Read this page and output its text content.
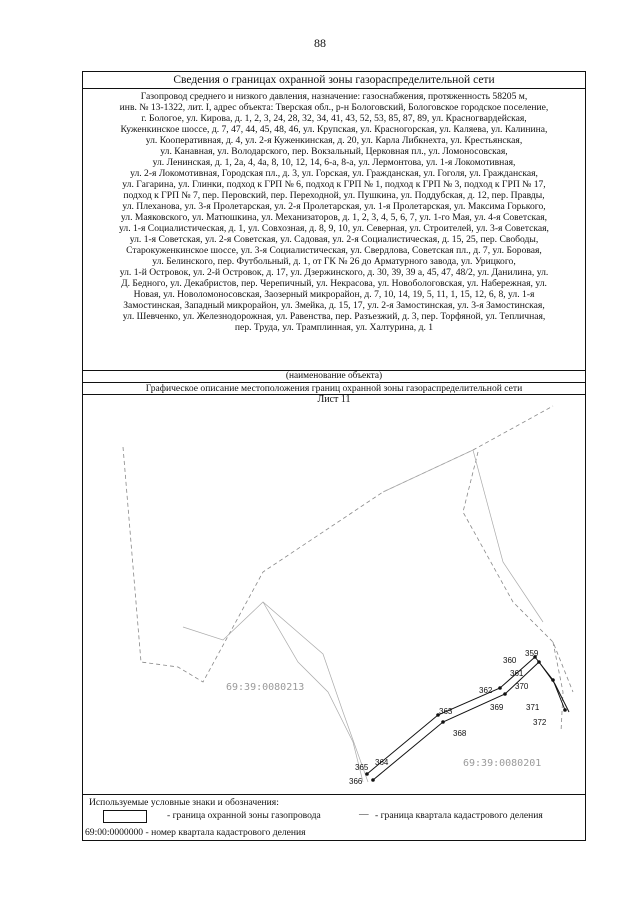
88
Сведения о границах охранной зоны газораспределительной сети

Газопровод среднего и низкого давления, назначение: газоснабжения, протяженность 58205 м,

инв. № 13-1322, лит. I, адрес объекта: Тверская обл., р-н Бологовский, Бологовское городское поселение,

г. Бологое, ул. Кирова, д. 1, 2, 3, 24, 28, 32, 34, 41, 43, 52, 53, 85, 87, 89, ул. Красногвардейская,

Куженкинское шоссе, д. 7, 47, 44, 45, 48, 46, ул. Крупская, ул. Красногорская, ул. Каляева, ул. Калинина,

ул. Кооперативная, д. 4, ул. 2-я Куженкинская, д. 20, ул. Карла Либкнехта, ул. Крестьянская,

ул. Канавная, ул. Володарского, пер. Вокзальный, Церковная пл., ул. Ломоносовская,

ул. Ленинская, д. 1, 2а, 4, 4а, 8, 10, 12, 14, 6-а, 8-а, ул. Лермонтова, ул. 1-я Локомотивная,

ул. 2-я Локомотивная, Городская пл., д. 3, ул. Горская, ул. Гражданская, ул. Гоголя, ул. Гражданская,

ул. Гагарина, ул. Глинки, подход к ГРП № 6, подход к ГРП № 1, подход к ГРП № 3, подход к ГРП № 17,

подход к ГРП № 7, пер. Перовский, пер. Переходной, ул. Пушкина, ул. Поддубская, д. 12, пер. Правды,

ул. Плеханова, ул. 3-я Пролетарская, ул. 2-я Пролетарская, ул. 1-я Пролетарская, ул. Максима Горького,

ул. Маяковского, ул. Матюшкина, ул. Механизаторов, д. 1, 2, 3, 4, 5, 6, 7, ул. 1-го Мая, ул. 4-я Советская,

ул. 1-я Социалистическая, д. 1, ул. Совхозная, д. 8, 9, 10, ул. Северная, ул. Строителей, ул. 3-я Советская,

ул. 1-я Советская, ул. 2-я Советская, ул. Садовая, ул. 2-я Социалистическая, д. 15, 25, пер. Свободы,

Старокуженкинское шоссе, ул. 3-я Социалистическая, ул. Свердлова, Советская пл., д. 7, ул. Боровая,

ул. Белинского, пер. Футбольный, д. 1, от ГК № 26 до Арматурного завода, ул. Урицкого,

ул. 1-й Островок, ул. 2-й Островок, д. 17, ул. Дзержинского, д. 30, 39, 39 а, 45, 47, 48/2, ул. Данилина, ул.

Д. Бедного, ул. Декабристов, пер. Черепичный, ул. Некрасова, ул. Новобологовская, ул. Набережная, ул.

Новая, ул. Новоломоносовская, Заозерный микрорайон, д. 7, 10, 14, 19, 5, 11, 1, 15, 12, 6, 8, ул. 1-я

Замостинская, Западный микрорайон, ул. Змейка, д. 15, 17, ул. 2-я Замостинская, ул. 3-я Замостинская,

ул. Шевченко, ул. Железнодорожная, ул. Равенства, пер. Разъезжий, д. 3, пер. Торфяной, ул. Тепличная,

пер. Труда, ул. Трамплинная, ул. Халтурина, д. 1

(наименование объекта)
Графическое описание местоположения границ охранной зоны газораспределительной сети
69:39:0080213
69:39:0080201
359
360
361
362
363
364
365
366
368
369
370
371
372
Лист 11
Используемые условные знаки и обозначения:
- граница охранной зоны газопровода	— - граница квартала кадастрового деления
69:00:0000000 - номер квартала кадастрового деления
